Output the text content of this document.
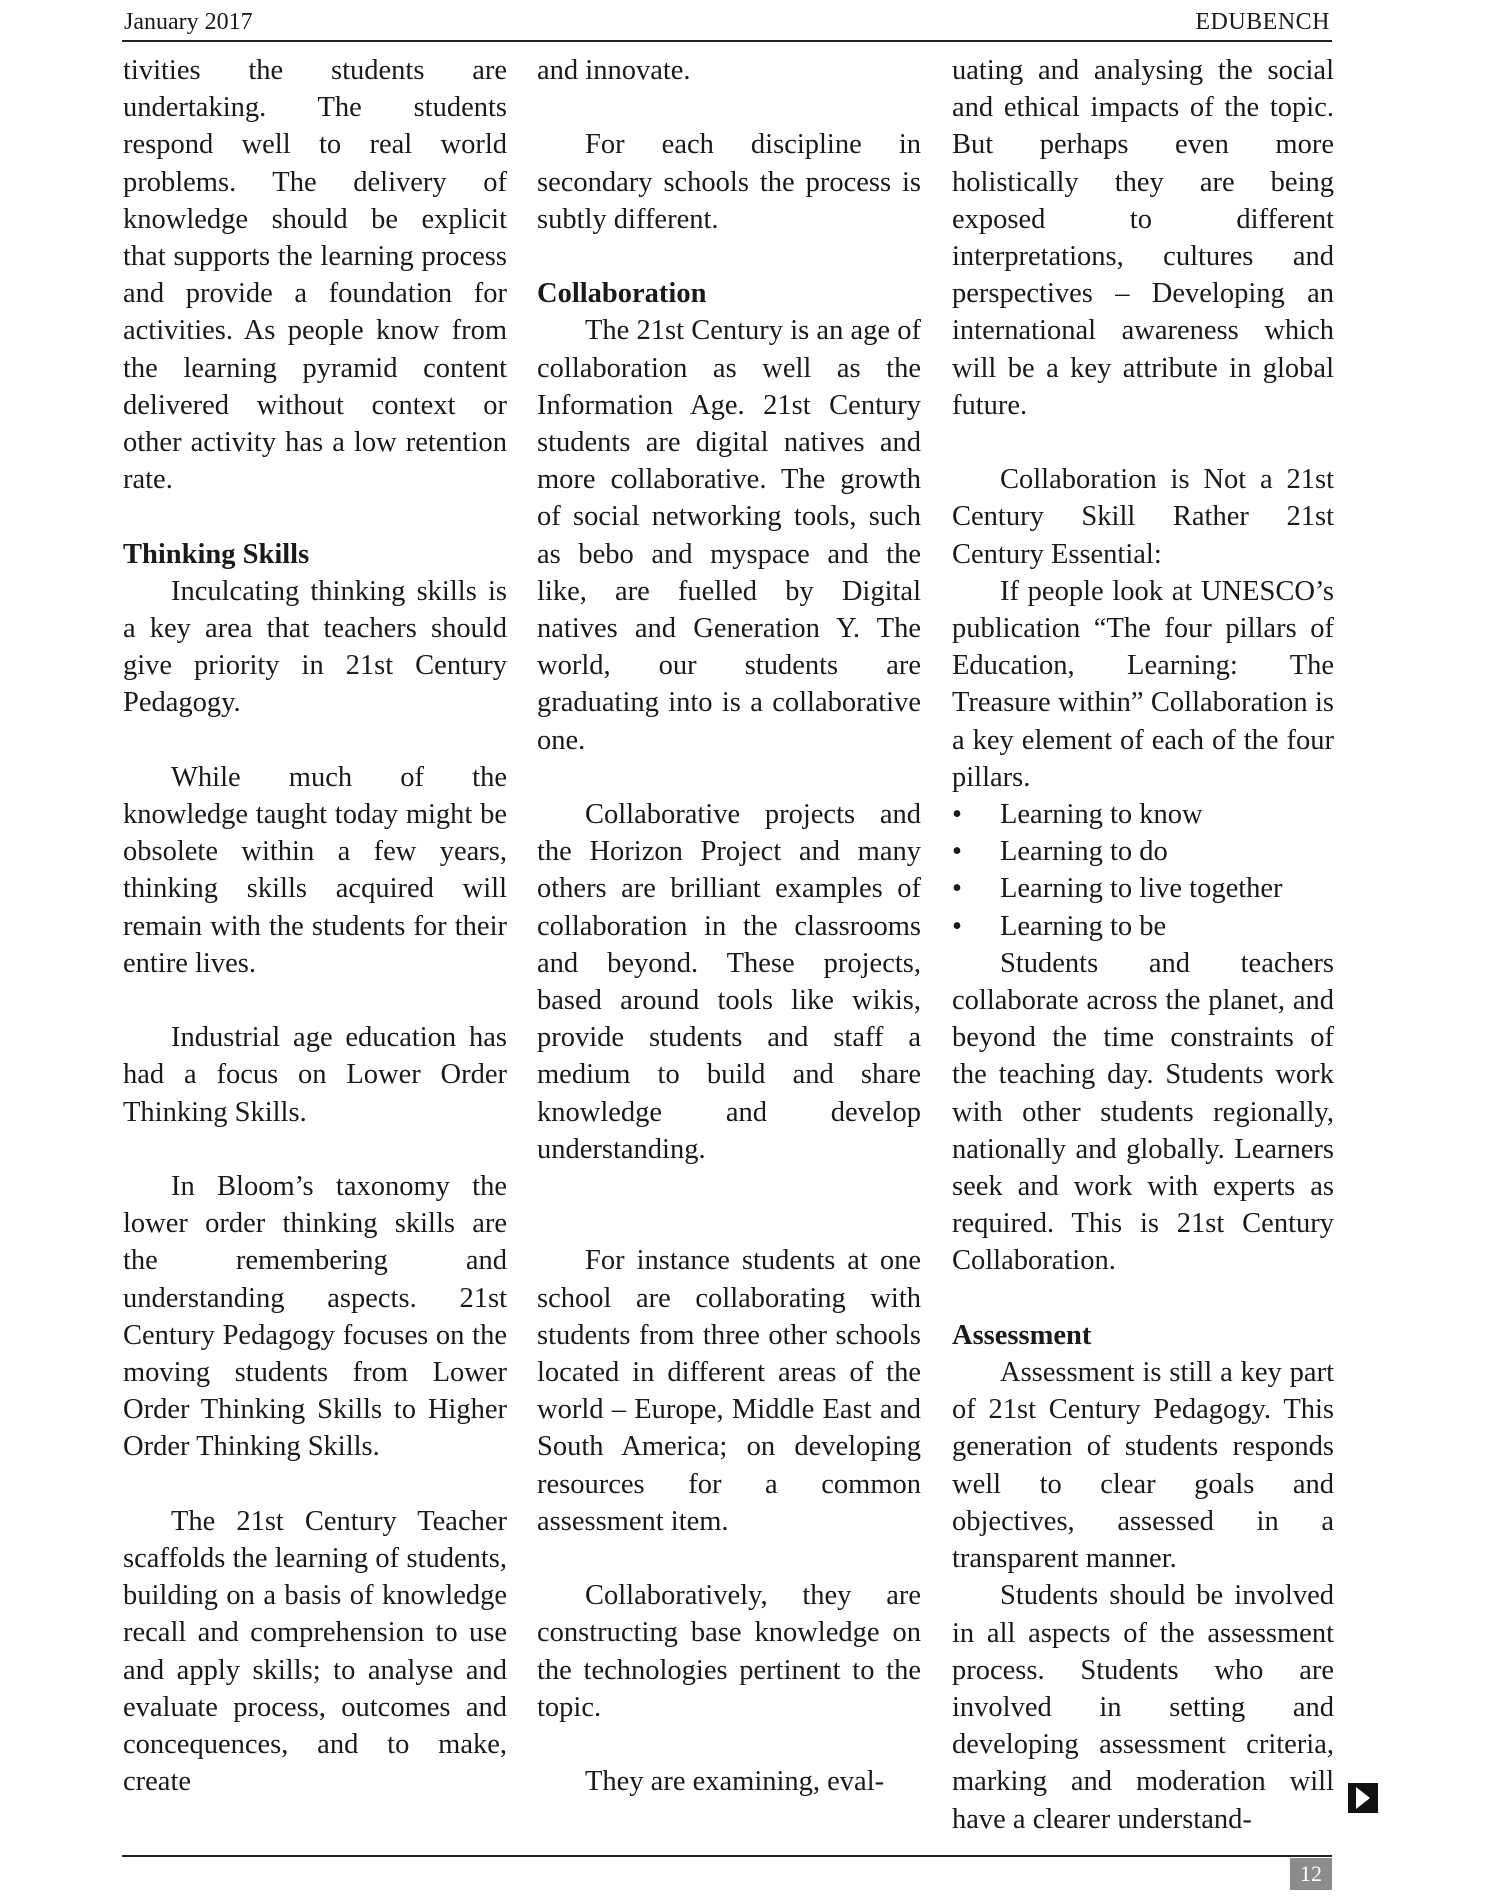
January 2017	EDUBENCH

tivities the students are undertaking. The students respond well to real world problems. The delivery of knowledge should be explicit that supports the learning process and provide a foundation for activities. As people know from the learning pyramid content delivered without context or other activity has a low retention rate.

Thinking Skills

Inculcating thinking skills is a key area that teachers should give priority in 21st Century Pedagogy.

While much of the knowledge taught today might be obsolete within a few years, thinking skills acquired will remain with the students for their entire lives.

Industrial age education has had a focus on Lower Order Thinking Skills.

In Bloom’s taxonomy the lower order thinking skills are the remembering and understanding aspects. 21st Century Pedagogy focuses on the moving students from Lower Order Thinking Skills to Higher Order Thinking Skills.

The 21st Century Teacher scaffolds the learning of students, building on a basis of knowledge recall and comprehension to use and apply skills; to analyse and evaluate process, outcomes and concequences, and to make, create

and innovate.

For each discipline in secondary schools the process is subtly different.

Collaboration

The 21st Century is an age of collaboration as well as the Information Age. 21st Century students are digital natives and more collaborative. The growth of social networking tools, such as bebo and myspace and the like, are fuelled by Digital natives and Generation Y. The world, our students are graduating into is a collaborative one.

Collaborative projects and the Horizon Project and many others are brilliant examples of collaboration in the classrooms and beyond. These projects, based around tools like wikis, provide students and staff a medium to build and share knowledge and develop understanding.

For instance students at one school are collaborating with students from three other schools located in different areas of the world – Europe, Middle East and South America; on developing resources for a common assessment item.

Collaboratively, they are constructing base knowledge on the technologies pertinent to the topic.

They are examining, eval-

uating and analysing the social and ethical impacts of the topic. But perhaps even more holistically they are being exposed to different interpretations, cultures and perspectives – Developing an international awareness which will be a key attribute in global future.

Collaboration is Not a 21st Century Skill Rather 21st Century Essential:

If people look at UNESCO’s publication “The four pillars of Education, Learning: The Treasure within” Collaboration is a key element of each of the four pillars.

• Learning to know
• Learning to do
• Learning to live together
• Learning to be

Students and teachers collaborate across the planet, and beyond the time constraints of the teaching day. Students work with other students regionally, nationally and globally. Learners seek and work with experts as required. This is 21st Century Collaboration.

Assessment

Assessment is still a key part of 21st Century Pedagogy. This generation of students responds well to clear goals and objectives, assessed in a transparent manner.

Students should be involved in all aspects of the assessment process. Students who are involved in setting and developing assessment criteria, marking and moderation will have a clearer understand-

12
